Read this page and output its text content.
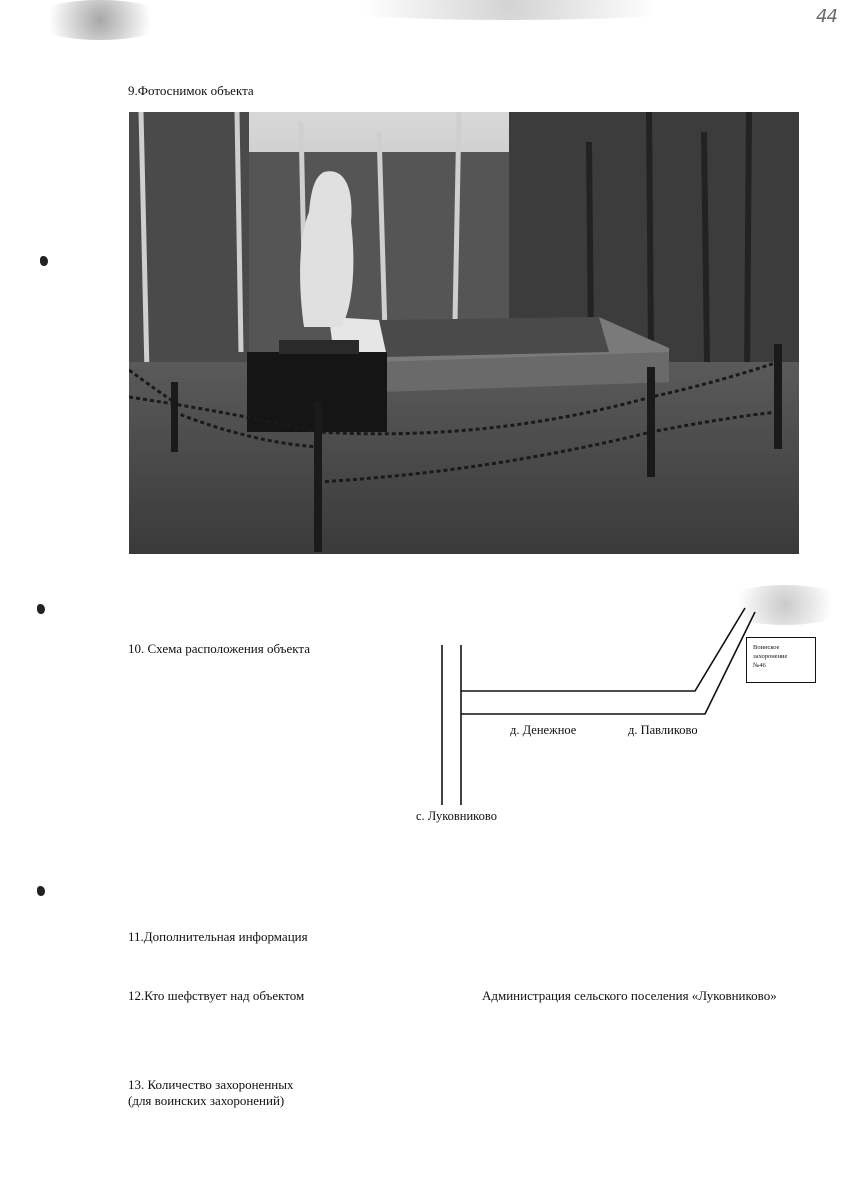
44
9.Фотоснимок объекта
10. Схема расположения объекта	Воинское
захоронение
№46
д. Денежное	д. Павликово
с. Луковниково
11.Дополнительная информация
12.Кто шефствует над объектом	Администрация сельского поселения «Луковниково»
13. Количество захороненных
(для воинских захоронений)
